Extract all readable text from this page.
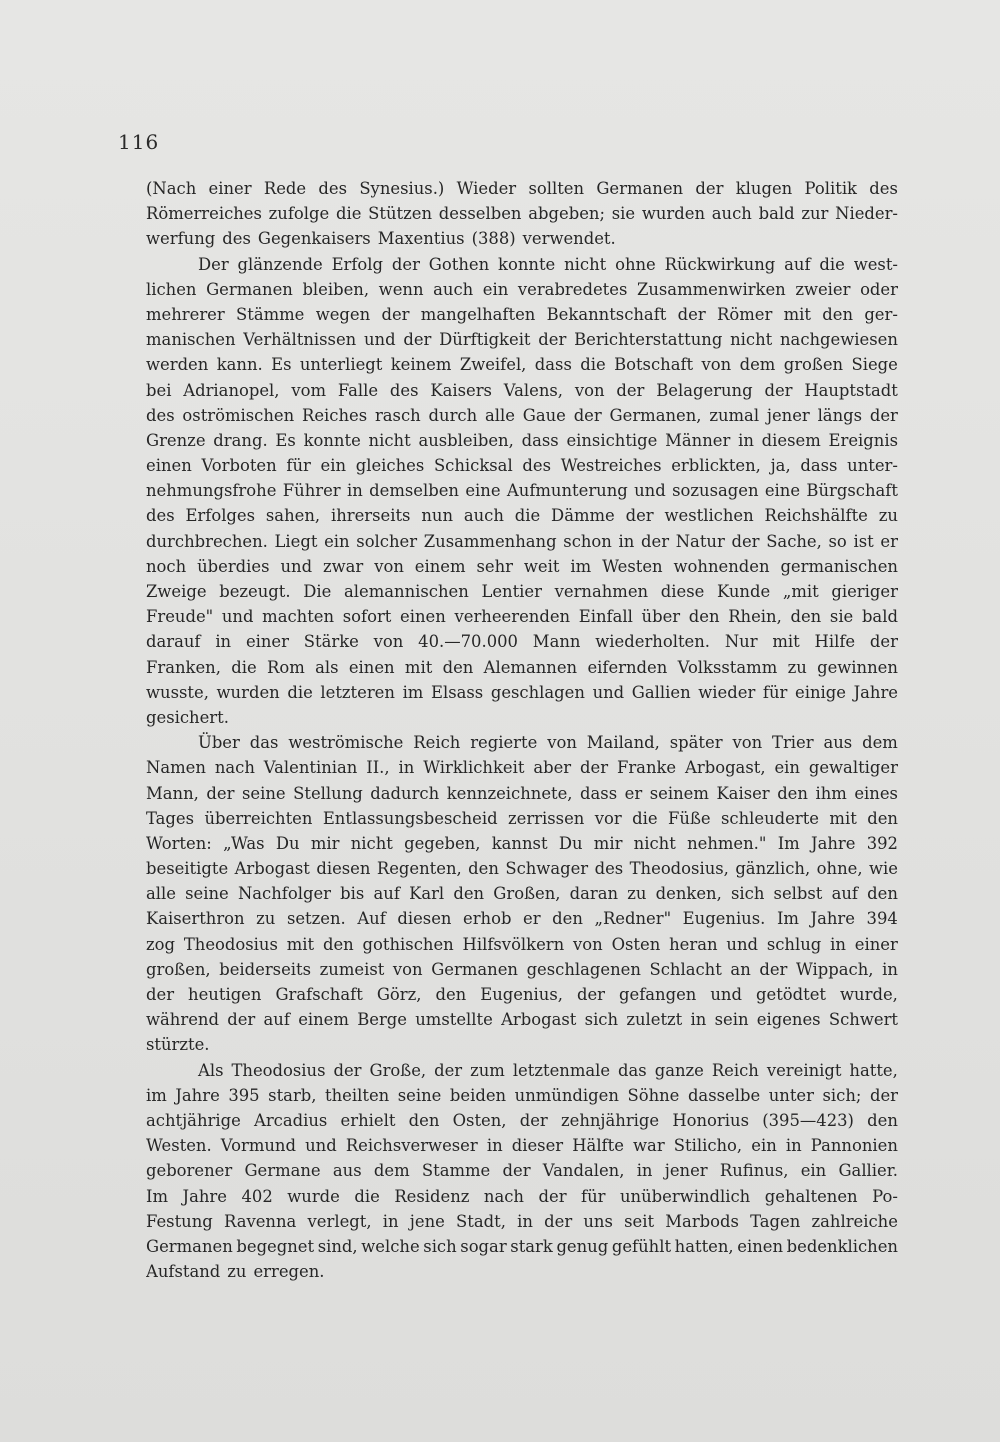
116
(Nach einer Rede des Synesius.) Wieder sollten Germanen der klugen Politik des
Römerreiches zufolge die Stützen desselben abgeben; sie wurden auch bald zur Nieder-
werfung des Gegenkaisers Maxentius (388) verwendet.
Der glänzende Erfolg der Gothen konnte nicht ohne Rückwirkung auf die west-
lichen Germanen bleiben, wenn auch ein verabredetes Zusammenwirken zweier oder
mehrerer Stämme wegen der mangelhaften Bekanntschaft der Römer mit den ger-
manischen Verhältnissen und der Dürftigkeit der Berichterstattung nicht nachgewiesen
werden kann. Es unterliegt keinem Zweifel, dass die Botschaft von dem großen Siege
bei Adrianopel, vom Falle des Kaisers Valens, von der Belagerung der Hauptstadt
des oströmischen Reiches rasch durch alle Gaue der Germanen, zumal jener längs der
Grenze drang. Es konnte nicht ausbleiben, dass einsichtige Männer in diesem Ereignis
einen Vorboten für ein gleiches Schicksal des Westreiches erblickten, ja, dass unter-
nehmungsfrohe Führer in demselben eine Aufmunterung und sozusagen eine Bürgschaft
des Erfolges sahen, ihrerseits nun auch die Dämme der westlichen Reichshälfte zu
durchbrechen. Liegt ein solcher Zusammenhang schon in der Natur der Sache, so ist er
noch überdies und zwar von einem sehr weit im Westen wohnenden germanischen
Zweige bezeugt. Die alemannischen Lentier vernahmen diese Kunde „mit gieriger
Freude" und machten sofort einen verheerenden Einfall über den Rhein, den sie bald
darauf in einer Stärke von 40.—70.000 Mann wiederholten. Nur mit Hilfe der
Franken, die Rom als einen mit den Alemannen eifernden Volksstamm zu gewinnen
wusste, wurden die letzteren im Elsass geschlagen und Gallien wieder für einige Jahre
gesichert.
Über das weströmische Reich regierte von Mailand, später von Trier aus dem
Namen nach Valentinian II., in Wirklichkeit aber der Franke Arbogast, ein gewaltiger
Mann, der seine Stellung dadurch kennzeichnete, dass er seinem Kaiser den ihm eines
Tages überreichten Entlassungsbescheid zerrissen vor die Füße schleuderte mit den
Worten: „Was Du mir nicht gegeben, kannst Du mir nicht nehmen." Im Jahre 392
beseitigte Arbogast diesen Regenten, den Schwager des Theodosius, gänzlich, ohne, wie
alle seine Nachfolger bis auf Karl den Großen, daran zu denken, sich selbst auf den
Kaiserthron zu setzen. Auf diesen erhob er den „Redner" Eugenius. Im Jahre 394
zog Theodosius mit den gothischen Hilfsvölkern von Osten heran und schlug in einer
großen, beiderseits zumeist von Germanen geschlagenen Schlacht an der Wippach, in
der heutigen Grafschaft Görz, den Eugenius, der gefangen und getödtet wurde,
während der auf einem Berge umstellte Arbogast sich zuletzt in sein eigenes Schwert
stürzte.
Als Theodosius der Große, der zum letztenmale das ganze Reich vereinigt hatte,
im Jahre 395 starb, theilten seine beiden unmündigen Söhne dasselbe unter sich; der
achtjährige Arcadius erhielt den Osten, der zehnjährige Honorius (395—423) den
Westen. Vormund und Reichsverweser in dieser Hälfte war Stilicho, ein in Pannonien
geborener Germane aus dem Stamme der Vandalen, in jener Rufinus, ein Gallier.
Im Jahre 402 wurde die Residenz nach der für unüberwindlich gehaltenen Po-
Festung Ravenna verlegt, in jene Stadt, in der uns seit Marbods Tagen zahlreiche
Germanen begegnet sind, welche sich sogar stark genug gefühlt hatten, einen bedenklichen
Aufstand zu erregen.
